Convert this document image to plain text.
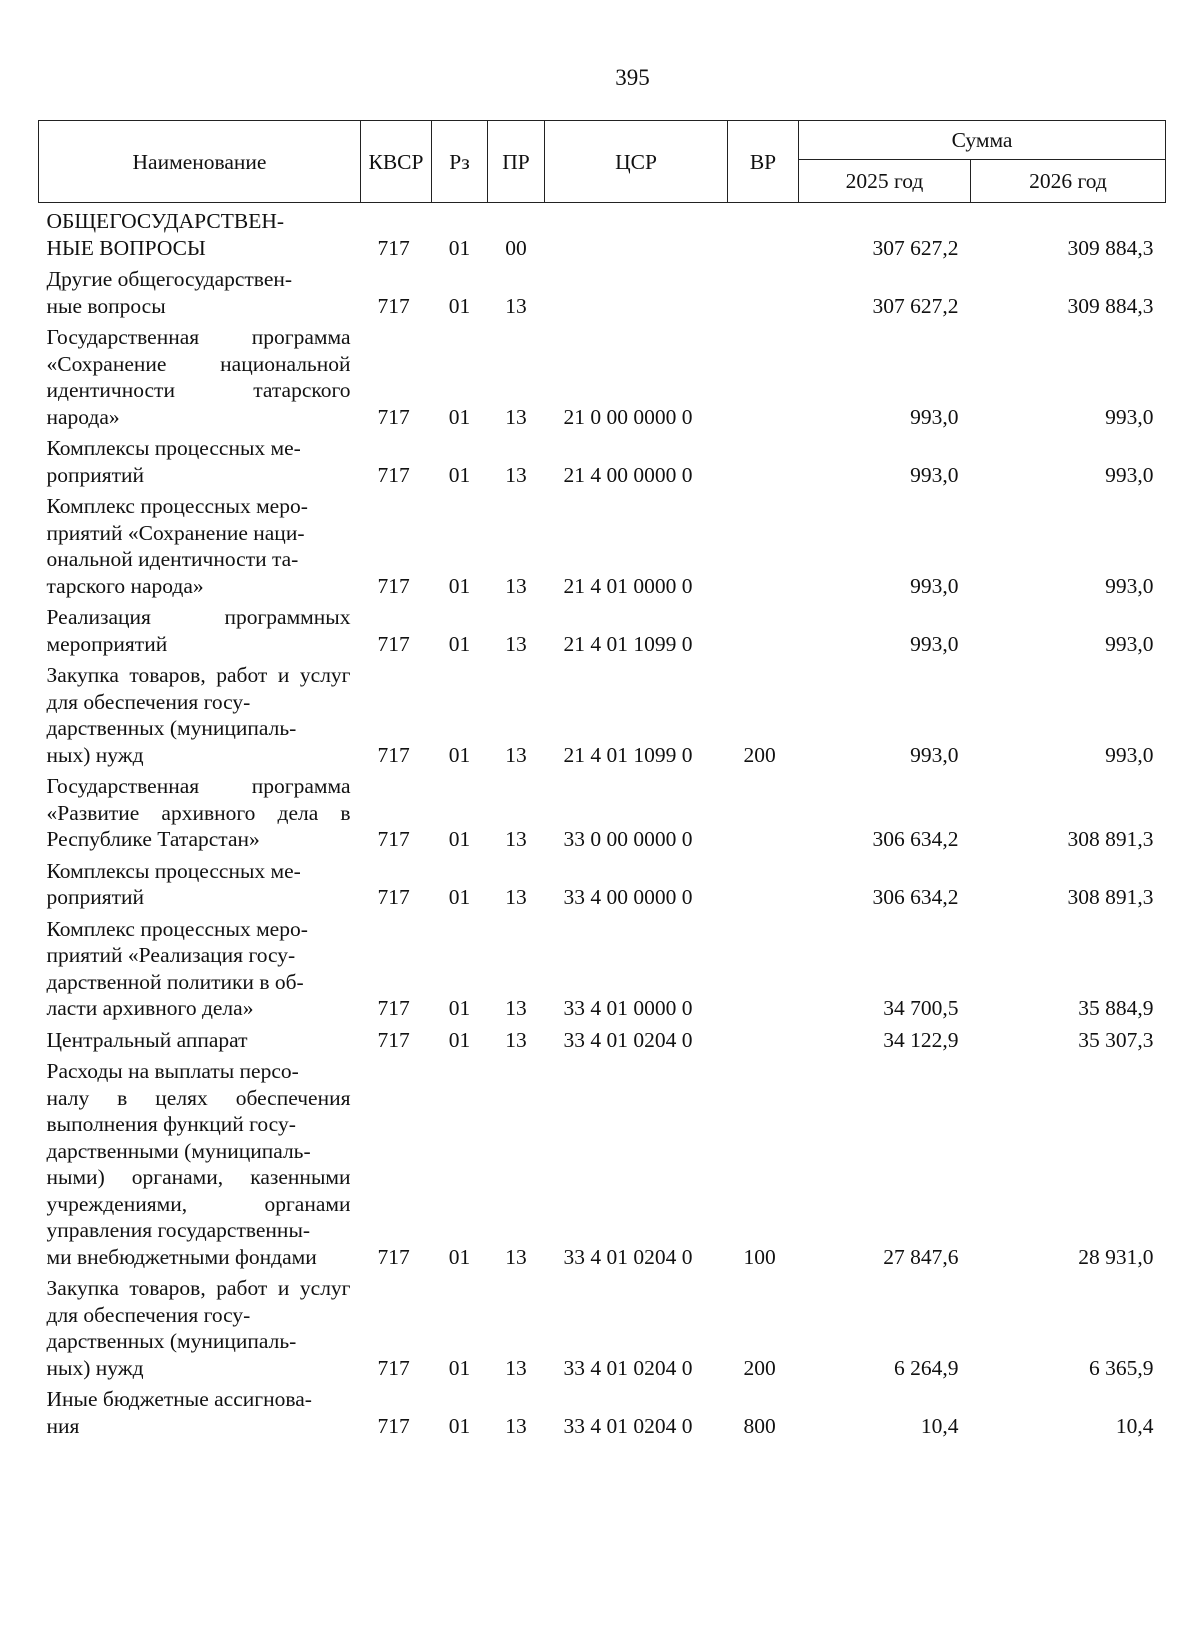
395
Наименование	КВСР	Рз	ПР	ЦСР	ВР	Сумма	
						2025 год	2026 год
ОБЩЕГОСУДАРСТВЕН-
НЫЕ ВОПРОСЫ	717	01	00			307 627,2	309 884,3
Другие общегосударствен-
ные вопросы	717	01	13			307 627,2	309 884,3
Государственная программа «Сохранение национальной идентичности татарского народа»	717	01	13	21 0 00 0000 0		993,0	993,0
Комплексы процессных ме-
роприятий	717	01	13	21 4 00 0000 0		993,0	993,0
Комплекс процессных меро-
приятий «Сохранение наци-
ональной идентичности та-
тарского народа»	717	01	13	21 4 01 0000 0		993,0	993,0
Реализация программных мероприятий	717	01	13	21 4 01 1099 0		993,0	993,0
Закупка товаров, работ и услуг для обеспечения госу-
дарственных (муниципаль-
ных) нужд	717	01	13	21 4 01 1099 0	200	993,0	993,0
Государственная программа «Развитие архивного дела в Республике Татарстан»	717	01	13	33 0 00 0000 0		306 634,2	308 891,3
Комплексы процессных ме-
роприятий	717	01	13	33 4 00 0000 0		306 634,2	308 891,3
Комплекс процессных меро-
приятий «Реализация госу-
дарственной политики в об-
ласти архивного дела»	717	01	13	33 4 01 0000 0		34 700,5	35 884,9
Центральный аппарат	717	01	13	33 4 01 0204 0		34 122,9	35 307,3
Расходы на выплаты персо-
налу в целях обеспечения выполнения функций госу-
дарственными (муниципаль-
ными) органами, казенными учреждениями, органами управления государственны-
ми внебюджетными фондами	717	01	13	33 4 01 0204 0	100	27 847,6	28 931,0
Закупка товаров, работ и услуг для обеспечения госу-
дарственных (муниципаль-
ных) нужд	717	01	13	33 4 01 0204 0	200	6 264,9	6 365,9
Иные бюджетные ассигнова-
ния	717	01	13	33 4 01 0204 0	800	10,4	10,4
